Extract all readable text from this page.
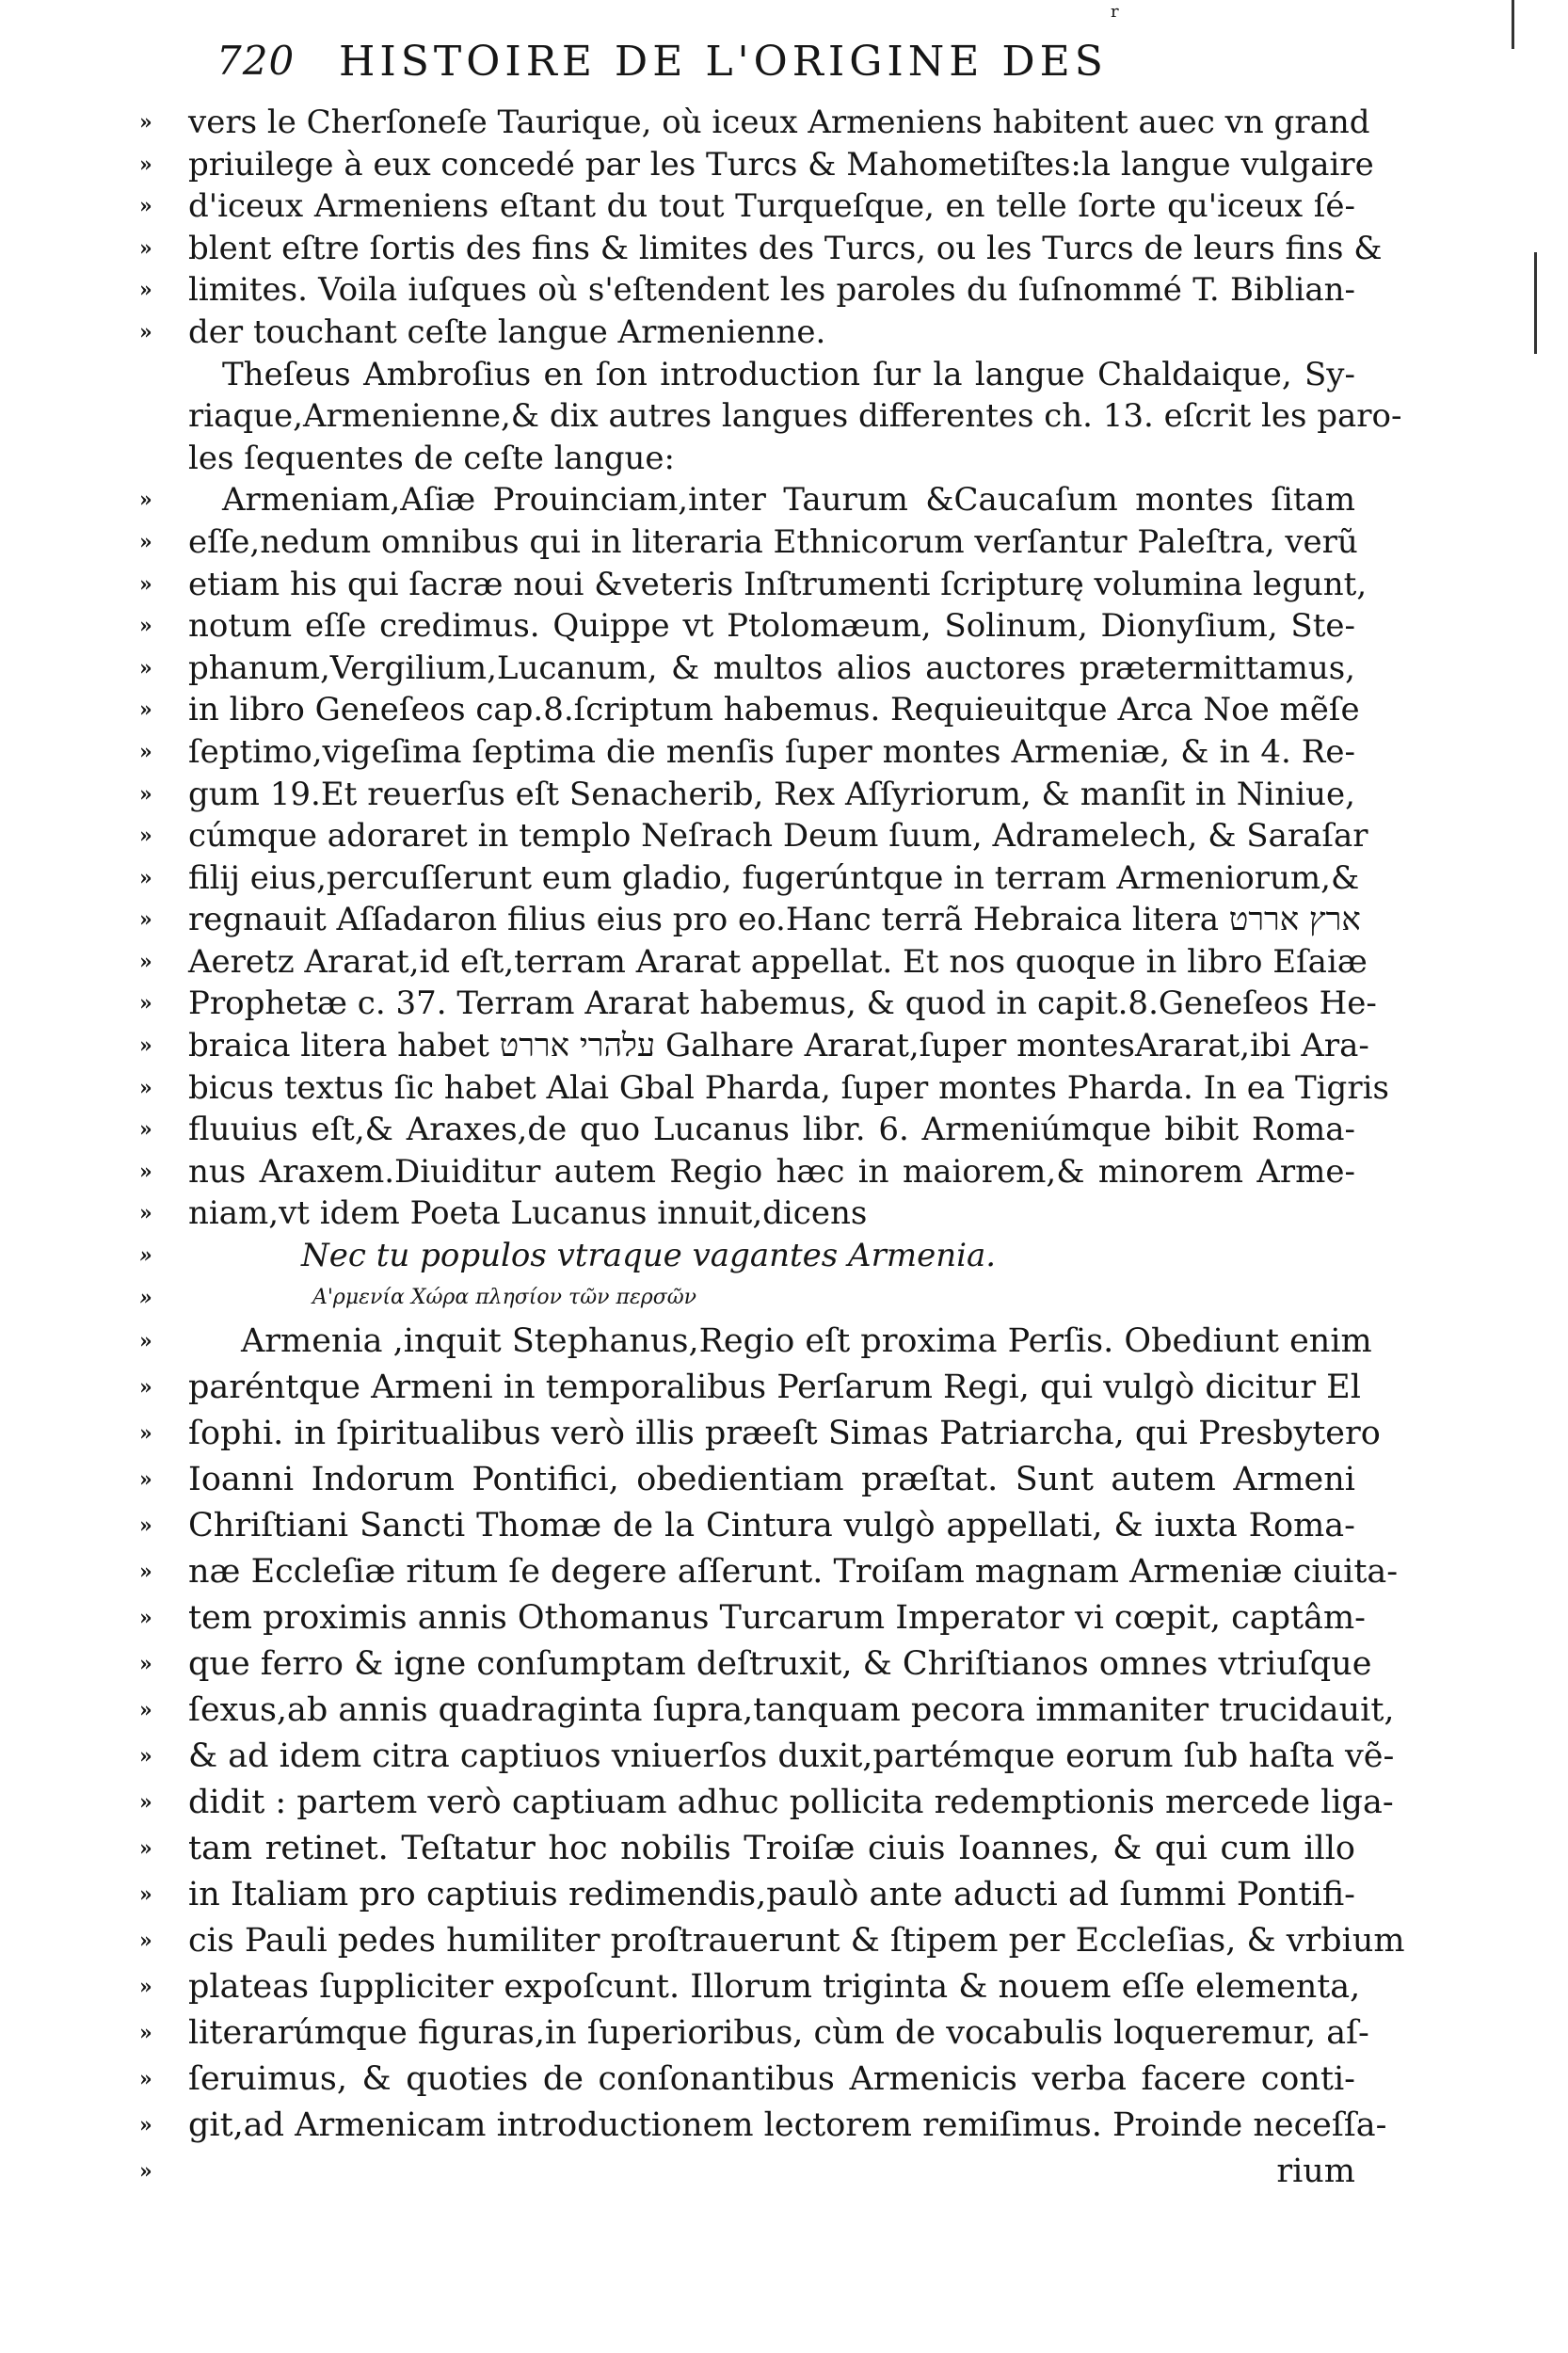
720 HISTOIRE DE L'ORIGINE DES
r
» vers le Cherſoneſe Taurique, où iceux Armeniens habitent auec vn grand
» priuilege à eux concedé par les Turcs & Mahometiſtes:la langue vulgaire
» d'iceux Armeniens eſtant du tout Turqueſque, en telle ſorte qu'iceux ſé-
» blent eſtre ſortis des fins & limites des Turcs, ou les Turcs de leurs fins &
» limites. Voila iuſques où s'eſtendent les paroles du ſuſnommé T. Biblian-
» der touchant ceſte langue Armenienne.
Theſeus Ambroſius en ſon introduction ſur la langue Chaldaique, Sy-
riaque,Armenienne,& dix autres langues differentes ch. 13. eſcrit les paro-
les ſequentes de ceſte langue:
» Armeniam,Aſiæ Prouinciam,inter Taurum &Caucaſum montes ſitam
» eſſe,nedum omnibus qui in literaria Ethnicorum verſantur Paleſtra, verũ
» etiam his qui ſacræ noui &veteris Inſtrumenti ſcripturę volumina legunt,
» notum eſſe credimus. Quippe vt Ptolomæum, Solinum, Dionyſium, Ste-
» phanum,Vergilium,Lucanum, & multos alios auctores prætermittamus,
» in libro Geneſeos cap.8.ſcriptum habemus. Requieuitque Arca Noe mẽſe
» ſeptimo,vigeſima ſeptima die menſis ſuper montes Armeniæ, & in 4. Re-
» gum 19.Et reuerſus eſt Senacherib, Rex Aſſyriorum, & manſit in Niniue,
» cúmque adoraret in templo Neſrach Deum ſuum, Adramelech, & Saraſar
» filij eius,percuſſerunt eum gladio, fugerúntque in terram Armeniorum,&
» regnauit Aſſadaron filius eius pro eo.Hanc terrã Hebraica litera ארץ אררט
» Aeretz Ararat,id eſt,terram Ararat appellat. Et nos quoque in libro Eſaiæ
» Prophetæ c. 37. Terram Ararat habemus, & quod in capit.8.Geneſeos He-
» braica litera habet עלהרי אררט Galhare Ararat,ſuper montesArarat,ibi Ara-
» bicus textus ſic habet Alai Gbal Pharda, ſuper montes Pharda. In ea Tigris
» fluuius eſt,& Araxes,de quo Lucanus libr. 6. Armeniúmque bibit Roma-
» nus Araxem.Diuiditur autem Regio hæc in maiorem,& minorem Arme-
» niam,vt idem Poeta Lucanus innuit,dicens
»	Nec tu populos vtraque vagantes Armenia.
»	Α'ρμενία Χώρα πλησίον τῶν περσῶν
»	Armenia ,inquit Stephanus,Regio eſt proxima Perſis. Obediunt enim
» paréntque Armeni in temporalibus Perſarum Regi, qui vulgò dicitur El
» ſophi. in ſpiritualibus verò illis præeſt Simas Patriarcha, qui Presbytero
» Ioanni Indorum Pontifici, obedientiam præſtat. Sunt autem Armeni
» Chriſtiani Sancti Thomæ de la Cintura vulgò appellati, & iuxta Roma-
» næ Eccleſiæ ritum ſe degere aſſerunt. Troiſam magnam Armeniæ ciuita-
» tem proximis annis Othomanus Turcarum Imperator vi cœpit, captâm-
» que ferro & igne conſumptam deſtruxit, & Chriſtianos omnes vtriuſque
» ſexus,ab annis quadraginta ſupra,tanquam pecora immaniter trucidauit,
» & ad idem citra captiuos vniuerſos duxit,partémque eorum ſub haſta vẽ-
» didit : partem verò captiuam adhuc pollicita redemptionis mercede liga-
» tam retinet. Teſtatur hoc nobilis Troiſæ ciuis Ioannes, & qui cum illo
» in Italiam pro captiuis redimendis,paulò ante aducti ad ſummi Pontifi-
» cis Pauli pedes humiliter proſtrauerunt & ſtipem per Eccleſias, & vrbium
» plateas ſuppliciter expoſcunt. Illorum triginta & nouem eſſe elementa,
» literarúmque figuras,in ſuperioribus, cùm de vocabulis loqueremur, aſ-
» ſeruimus, & quoties de conſonantibus Armenicis verba facere conti-
» git,ad Armenicam introductionem lectorem remiſimus. Proinde neceſſa-
»	rium
